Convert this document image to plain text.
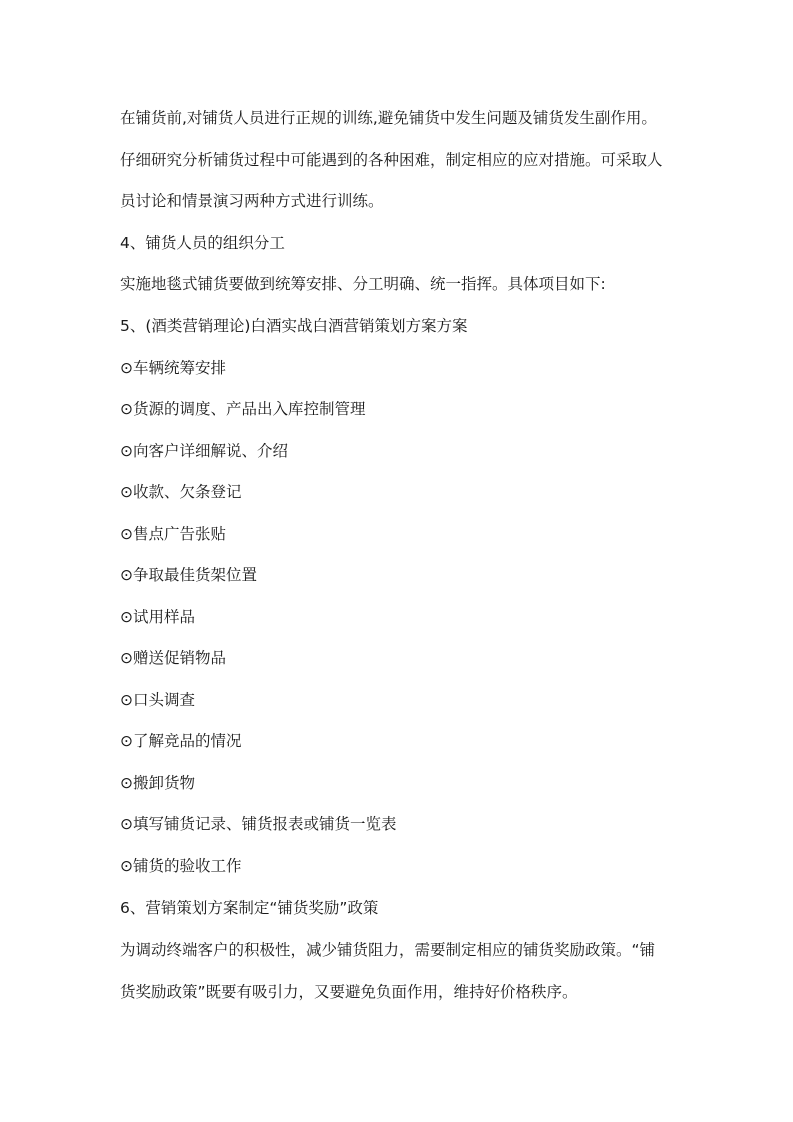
在铺货前,对铺货人员进行正规的训练,避免铺货中发生问题及铺货发生副作用。
仔细研究分析铺货过程中可能遇到的各种困难，制定相应的应对措施。可采取人
员讨论和情景演习两种方式进行训练。
4、铺货人员的组织分工
实施地毯式铺货要做到统筹安排、分工明确、统一指挥。具体项目如下:
5、(酒类营销理论)白酒实战白酒营销策划方案方案
⊙车辆统筹安排
⊙货源的调度、产品出入库控制管理
⊙向客户详细解说、介绍
⊙收款、欠条登记
⊙售点广告张贴
⊙争取最佳货架位置
⊙试用样品
⊙赠送促销物品
⊙口头调查
⊙了解竞品的情况
⊙搬卸货物
⊙填写铺货记录、铺货报表或铺货一览表
⊙铺货的验收工作
6、营销策划方案制定“铺货奖励”政策
为调动终端客户的积极性，减少铺货阻力，需要制定相应的铺货奖励政策。“铺
货奖励政策”既要有吸引力，又要避免负面作用，维持好价格秩序。
